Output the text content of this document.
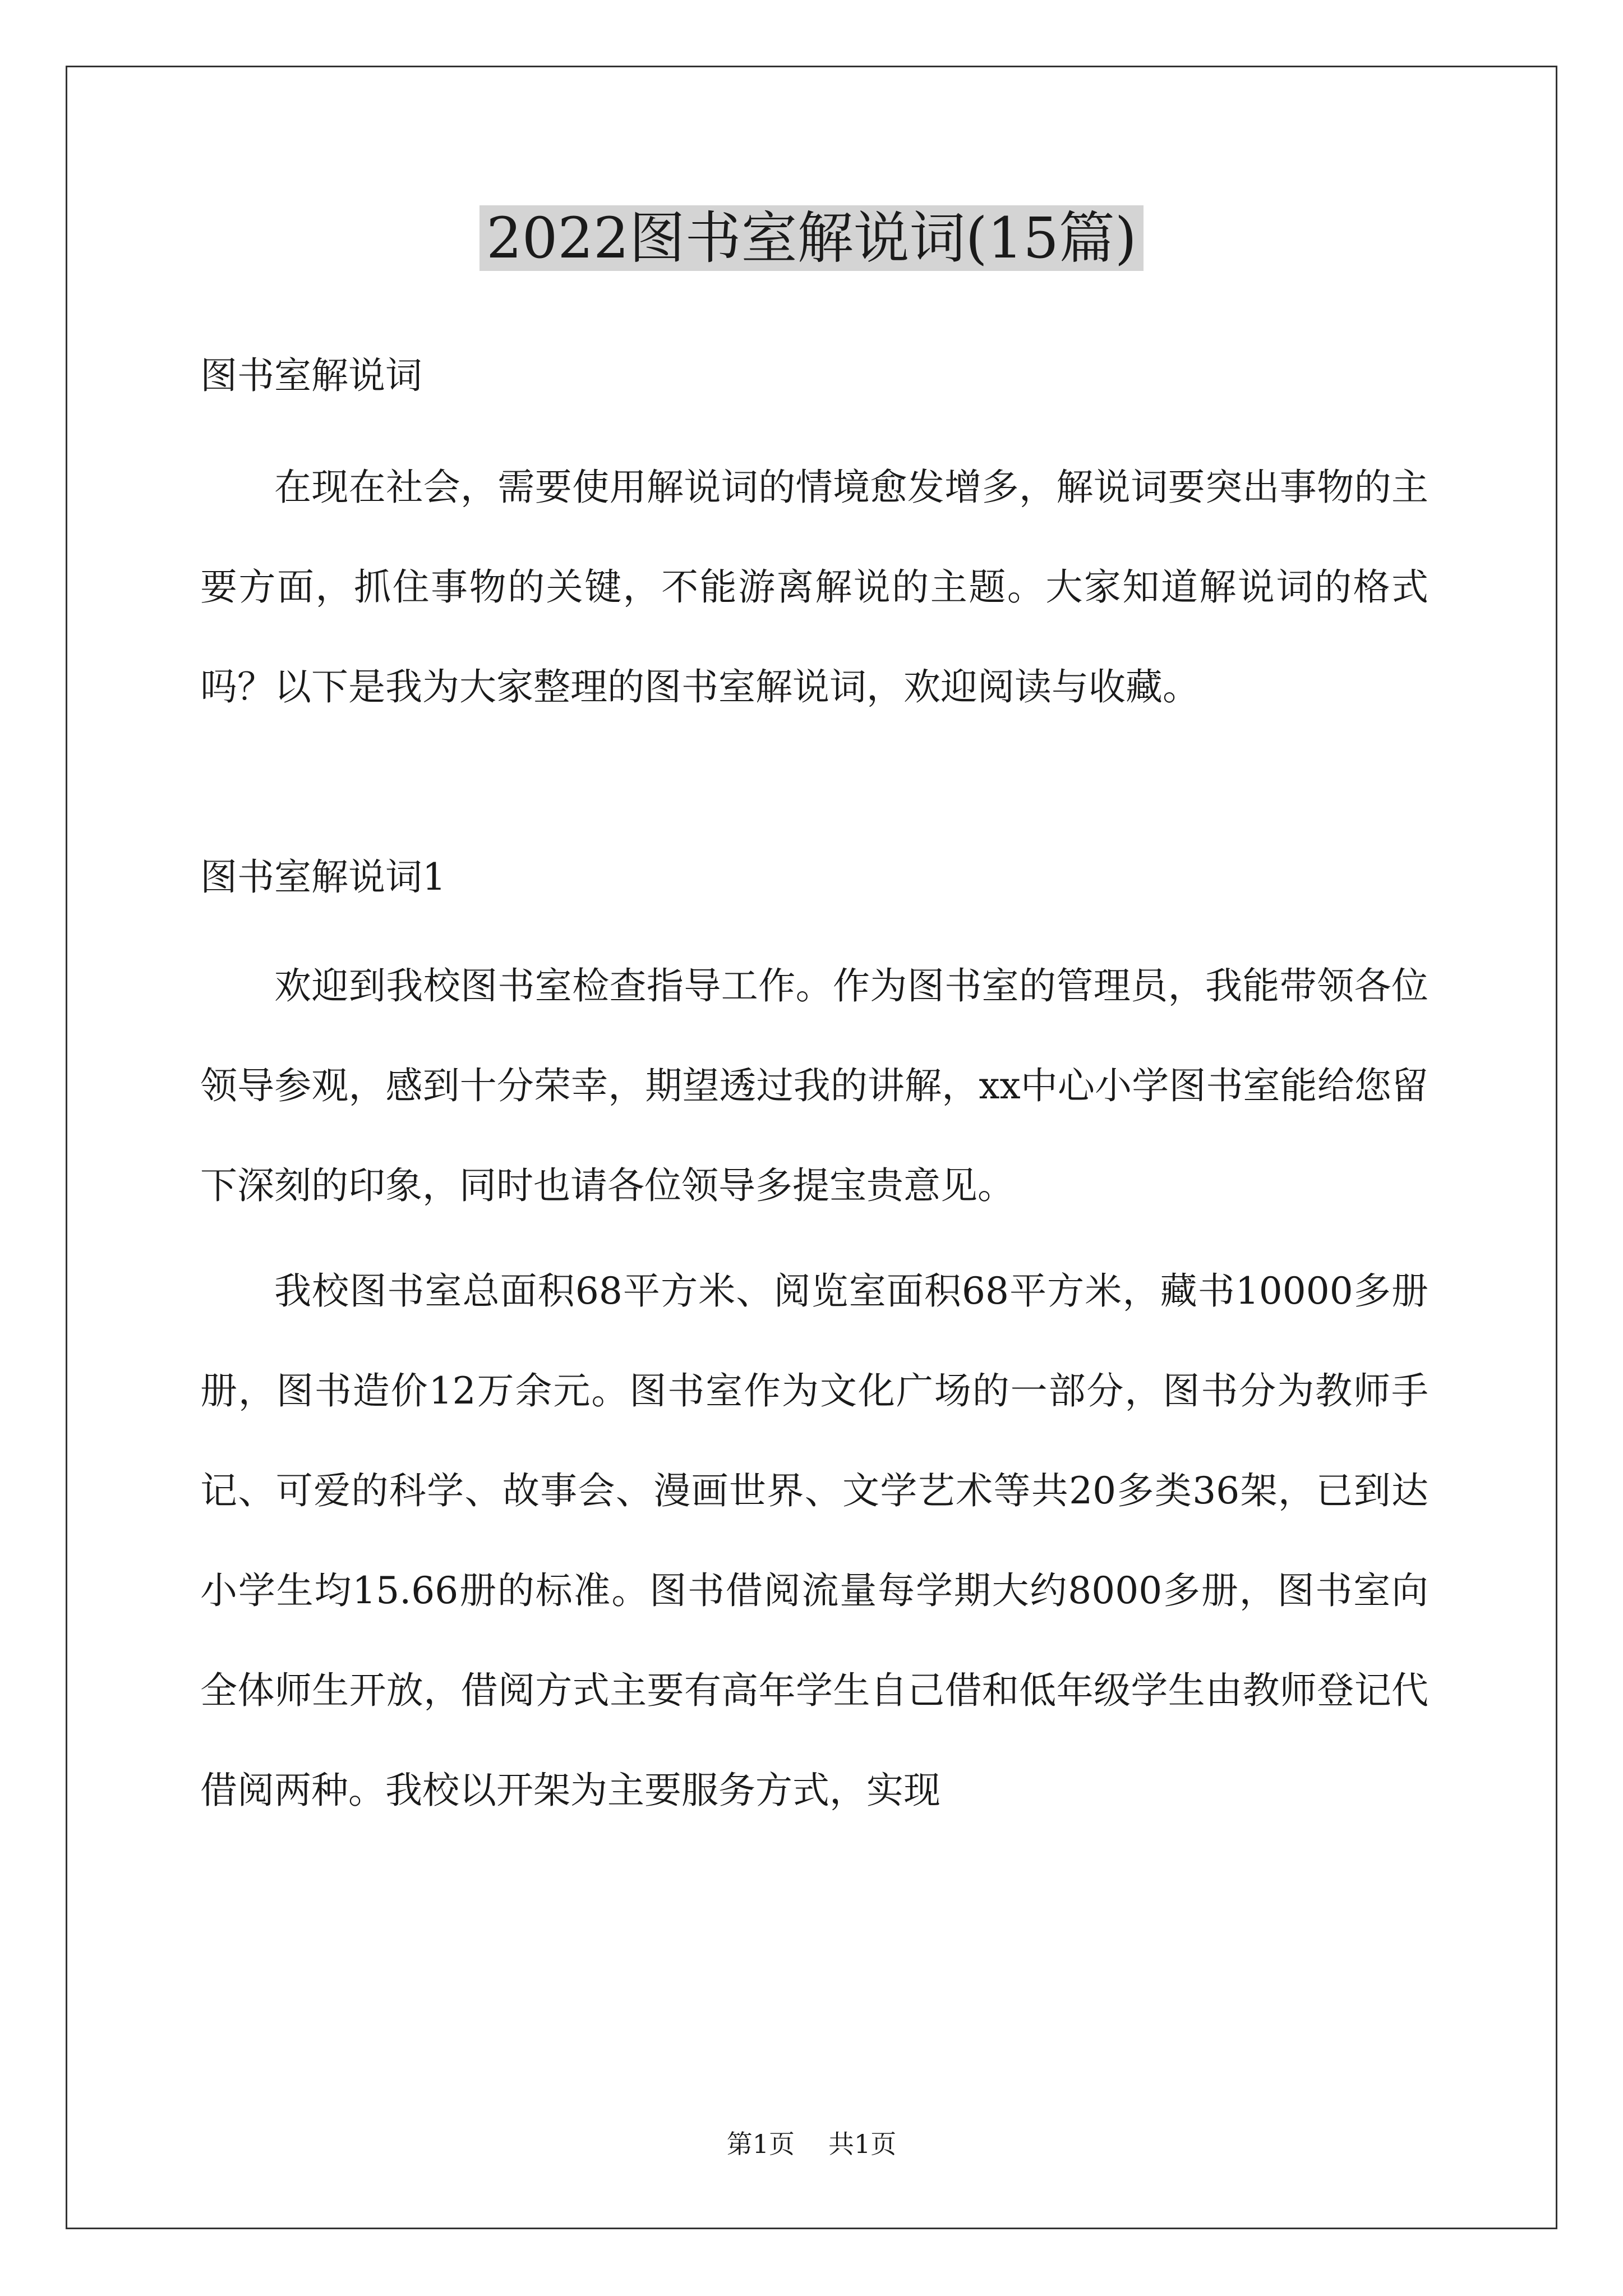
2022图书室解说词(15篇)

图书室解说词

在现在社会，需要使用解说词的情境愈发增多，解说词要突出事物的主要方面，抓住事物的关键，不能游离解说的主题。大家知道解说词的格式吗？以下是我为大家整理的图书室解说词，欢迎阅读与收藏。

图书室解说词1

欢迎到我校图书室检查指导工作。作为图书室的管理员，我能带领各位领导参观，感到十分荣幸，期望透过我的讲解，xx中心小学图书室能给您留下深刻的印象，同时也请各位领导多提宝贵意见。

我校图书室总面积68平方米、阅览室面积68平方米，藏书10000多册册，图书造价12万余元。图书室作为文化广场的一部分，图书分为教师手记、可爱的科学、故事会、漫画世界、文学艺术等共20多类36架，已到达小学生均15.66册的标准。图书借阅流量每学期大约8000多册，图书室向全体师生开放，借阅方式主要有高年学生自己借和低年级学生由教师登记代借阅两种。我校以开架为主要服务方式，实现

第1页 共1页
